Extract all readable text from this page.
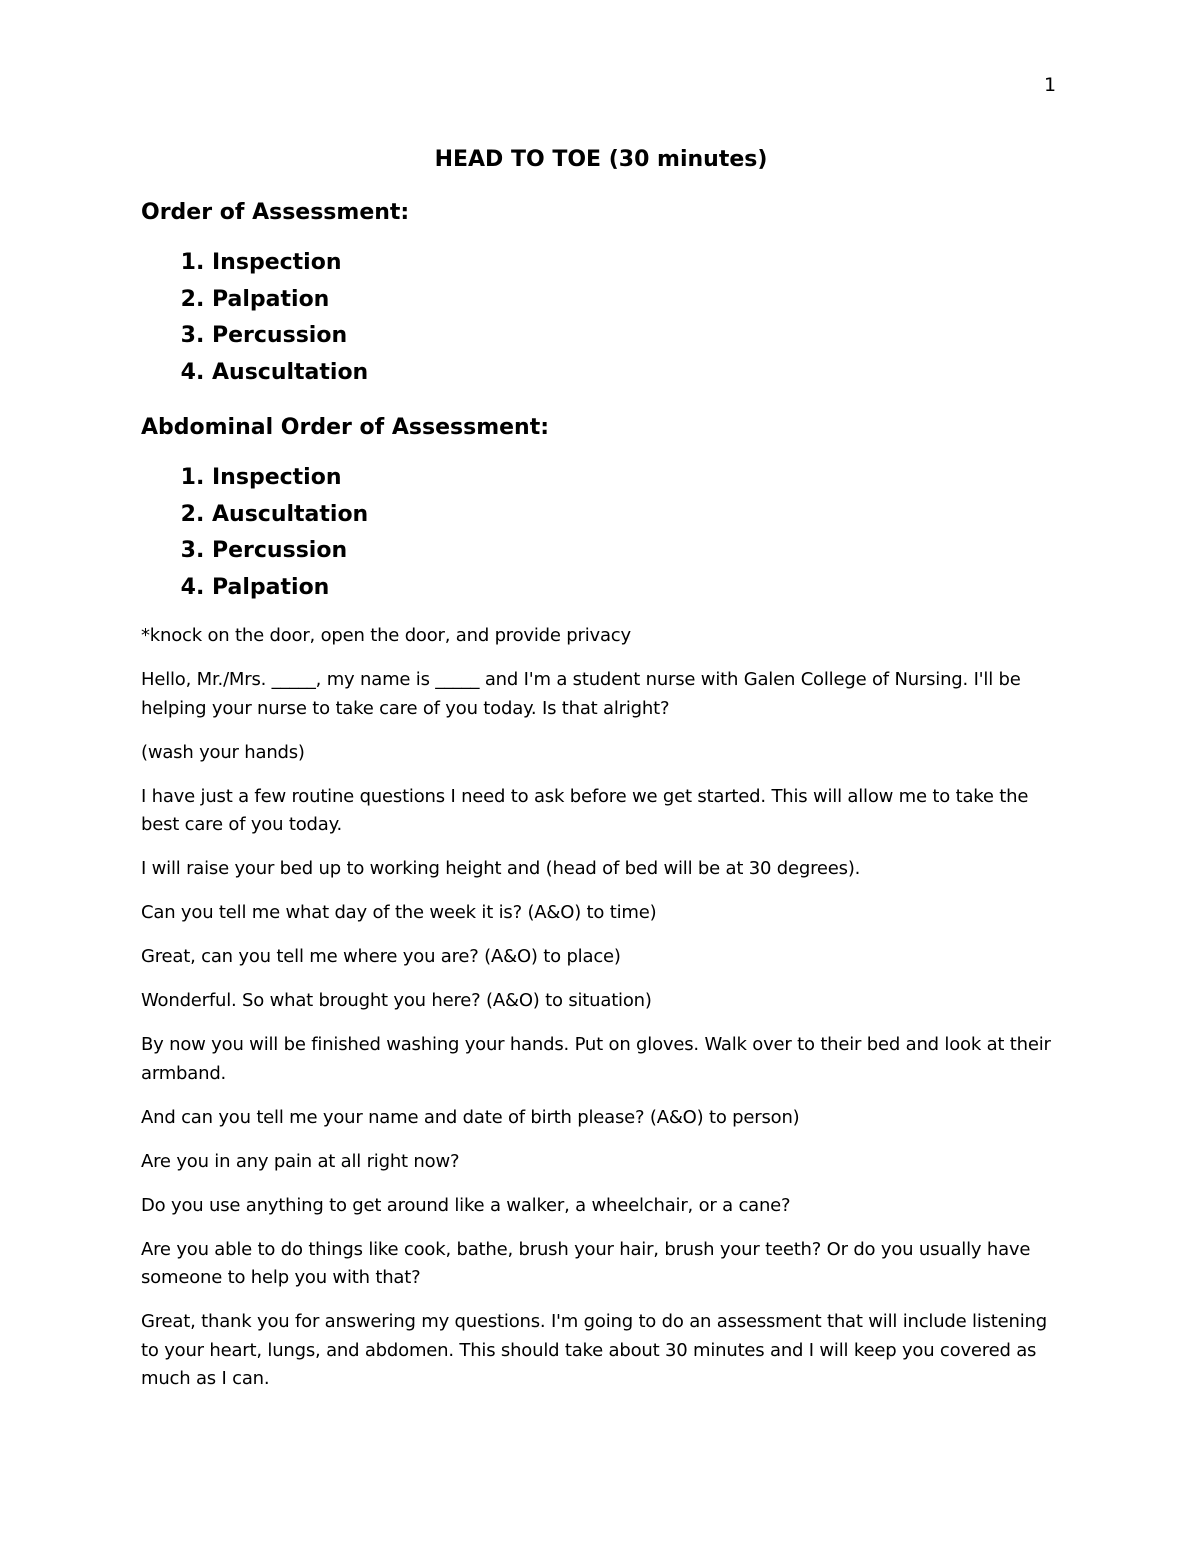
1
HEAD TO TOE (30 minutes)
Order of Assessment:
1. Inspection
2. Palpation
3. Percussion
4. Auscultation
Abdominal Order of Assessment:
1. Inspection
2. Auscultation
3. Percussion
4. Palpation

*knock on the door, open the door, and provide privacy

Hello, Mr./Mrs. _____, my name is _____ and I'm a student nurse with Galen College of Nursing. I'll be helping your nurse to take care of you today. Is that alright?

(wash your hands)

I have just a few routine questions I need to ask before we get started. This will allow me to take the best care of you today.

I will raise your bed up to working height and (head of bed will be at 30 degrees).

Can you tell me what day of the week it is? (A&O) to time)

Great, can you tell me where you are? (A&O) to place)

Wonderful. So what brought you here? (A&O) to situation)

By now you will be finished washing your hands. Put on gloves. Walk over to their bed and look at their armband.

And can you tell me your name and date of birth please? (A&O) to person)

Are you in any pain at all right now?

Do you use anything to get around like a walker, a wheelchair, or a cane?

Are you able to do things like cook, bathe, brush your hair, brush your teeth? Or do you usually have someone to help you with that?

Great, thank you for answering my questions. I'm going to do an assessment that will include listening to your heart, lungs, and abdomen. This should take about 30 minutes and I will keep you covered as much as I can.
